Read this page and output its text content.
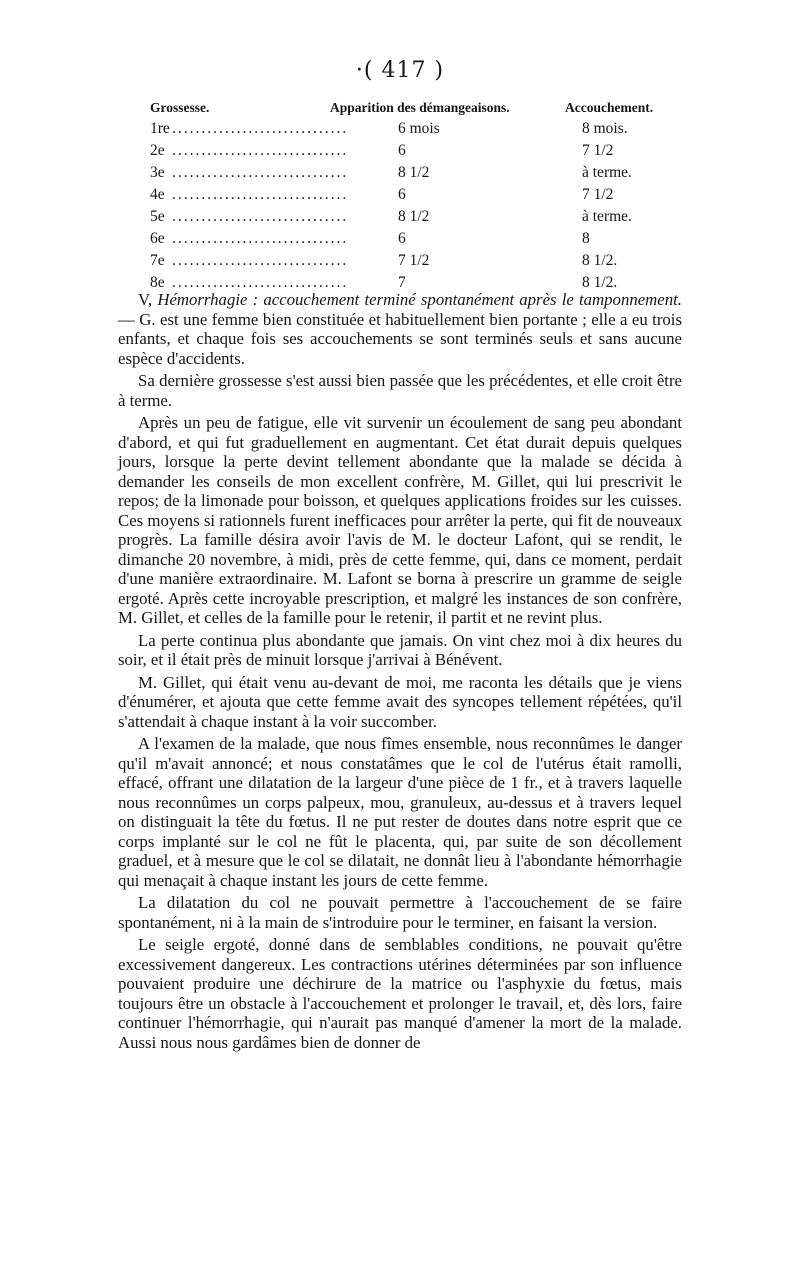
·( 417 )
Grossesse.	Apparition des démangeaisons.	Accouchement.
1re ..............................	6 mois	8 mois.
2e ..............................	6	7 1/2
3e ..............................	8 1/2	à terme.
4e ..............................	6	7 1/2
5e ..............................	8 1/2	à terme.
6e ..............................	6	8
7e ..............................	7 1/2	8 1/2.
8e ..............................	7	8 1/2.

V, Hémorrhagie : accouchement terminé spontanément après le tamponnement. — G. est une femme bien constituée et habituellement bien portante ; elle a eu trois enfants, et chaque fois ses accouchements se sont terminés seuls et sans aucune espèce d'accidents.

Sa dernière grossesse s'est aussi bien passée que les précédentes, et elle croit être à terme.

Après un peu de fatigue, elle vit survenir un écoulement de sang peu abondant d'abord, et qui fut graduellement en augmentant. Cet état durait depuis quelques jours, lorsque la perte devint tellement abondante que la malade se décida à demander les conseils de mon excellent confrère, M. Gillet, qui lui prescrivit le repos; de la limonade pour boisson, et quelques applications froides sur les cuisses. Ces moyens si rationnels furent inefficaces pour arrêter la perte, qui fit de nouveaux progrès. La famille désira avoir l'avis de M. le docteur Lafont, qui se rendit, le dimanche 20 novembre, à midi, près de cette femme, qui, dans ce moment, perdait d'une manière extraordinaire. M. Lafont se borna à prescrire un gramme de seigle ergoté. Après cette incroyable prescription, et malgré les instances de son confrère, M. Gillet, et celles de la famille pour le retenir, il partit et ne revint plus.

La perte continua plus abondante que jamais. On vint chez moi à dix heures du soir, et il était près de minuit lorsque j'arrivai à Bénévent.

M. Gillet, qui était venu au-devant de moi, me raconta les détails que je viens d'énumérer, et ajouta que cette femme avait des syncopes tellement répétées, qu'il s'attendait à chaque instant à la voir succomber.

A l'examen de la malade, que nous fîmes ensemble, nous reconnûmes le danger qu'il m'avait annoncé; et nous constatâmes que le col de l'utérus était ramolli, effacé, offrant une dilatation de la largeur d'une pièce de 1 fr., et à travers laquelle nous reconnûmes un corps palpeux, mou, granuleux, au-dessus et à travers lequel on distinguait la tête du fœtus. Il ne put rester de doutes dans notre esprit que ce corps implanté sur le col ne fût le placenta, qui, par suite de son décollement graduel, et à mesure que le col se dilatait, ne donnât lieu à l'abondante hémorrhagie qui menaçait à chaque instant les jours de cette femme.

La dilatation du col ne pouvait permettre à l'accouchement de se faire spontanément, ni à la main de s'introduire pour le terminer, en faisant la version.

Le seigle ergoté, donné dans de semblables conditions, ne pouvait qu'être excessivement dangereux. Les contractions utérines déterminées par son influence pouvaient produire une déchirure de la matrice ou l'asphyxie du fœtus, mais toujours être un obstacle à l'accouchement et prolonger le travail, et, dès lors, faire continuer l'hémorrhagie, qui n'aurait pas manqué d'amener la mort de la malade. Aussi nous nous gardâmes bien de donner de
